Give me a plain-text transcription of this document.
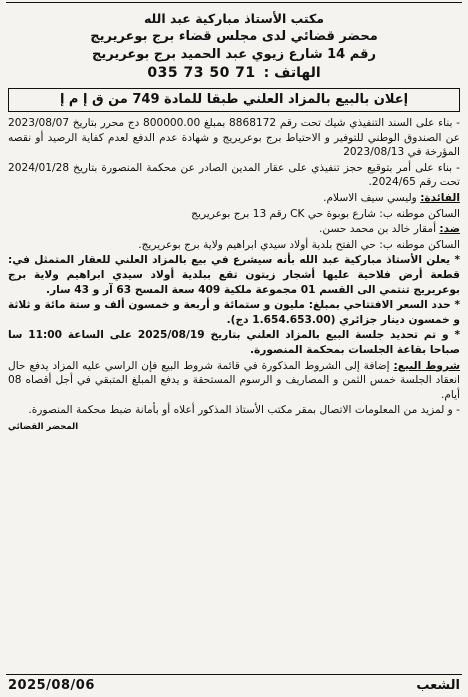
مكتب الأستاذ مباركية عبد الله
محضر قضائي لدى مجلس قضاء برج بوعريريج
رقم 14 شارع زيوي عبد الحميد برج بوعريريج
الهاتف :
035 73 50 71
إعلان بالبيع بالمزاد العلني طبقا للمادة 749 من ق إ م إ

- بناء على السند التنفيذي شيك تحت رقم 8868172 بمبلغ 800000.00 دج محرر بتاريخ 2023/08/07 عن الصندوق الوطني للتوفير و الاحتياط برج بوعريريج و شهادة عدم الدفع لعدم كفاية الرصيد أو نقصه المؤرخة في 2023/08/13

- بناء على أمر بتوقيع حجز تنفيذي على عقار المدين الصادر عن محكمة المنصورة بتاريخ 2024/01/28 تحت رقم 2024/65.

الفائدة: وليسي سيف الاسلام.

الساكن موطنه ب: شارع بوبوة حي CK رقم 13 برج بوعريريج

ضد: أمقار خالد بن محمد حسن.

الساكن موطنه ب: حي الفتح بلدية أولاد سيدي ابراهيم ولاية برج بوعريريج.

* يعلن الأستاذ مباركية عبد الله بأنه سيشرع في بيع بالمزاد العلني للعقار المتمثل في: قطعة أرض فلاحية عليها أشجار زيتون تقع ببلدية أولاد سيدي ابراهيم ولاية برج بوعريريج تنتمي الى القسم 01 مجموعة ملكية 409 سعة المسح 63 آر و 43 سار.

* حدد السعر الافتتاحي بمبلغ: مليون و ستمائة و أربعة و خمسون ألف و ستة مائة و ثلاثة و خمسون دينار جزائري (1.654.653.00 دج).

* و تم تحديد جلسة البيع بالمزاد العلني بتاريخ 2025/08/19 على الساعة 11:00 سا صباحا بقاعة الجلسات بمحكمة المنصورة.

شروط البيع: إضافة إلى الشروط المذكورة في قائمة شروط البيع فإن الراسي عليه المزاد يدفع حال انعقاد الجلسة خمس الثمن و المصاريف و الرسوم المستحقة و يدفع المبلغ المتبقي في أجل أقصاه 08 أيام.

- و لمزيد من المعلومات الاتصال بمقر مكتب الأستاذ المذكور أعلاه أو بأمانة ضبط محكمة المنصورة.

المحضر القضائي
الشعب
2025/08/06
